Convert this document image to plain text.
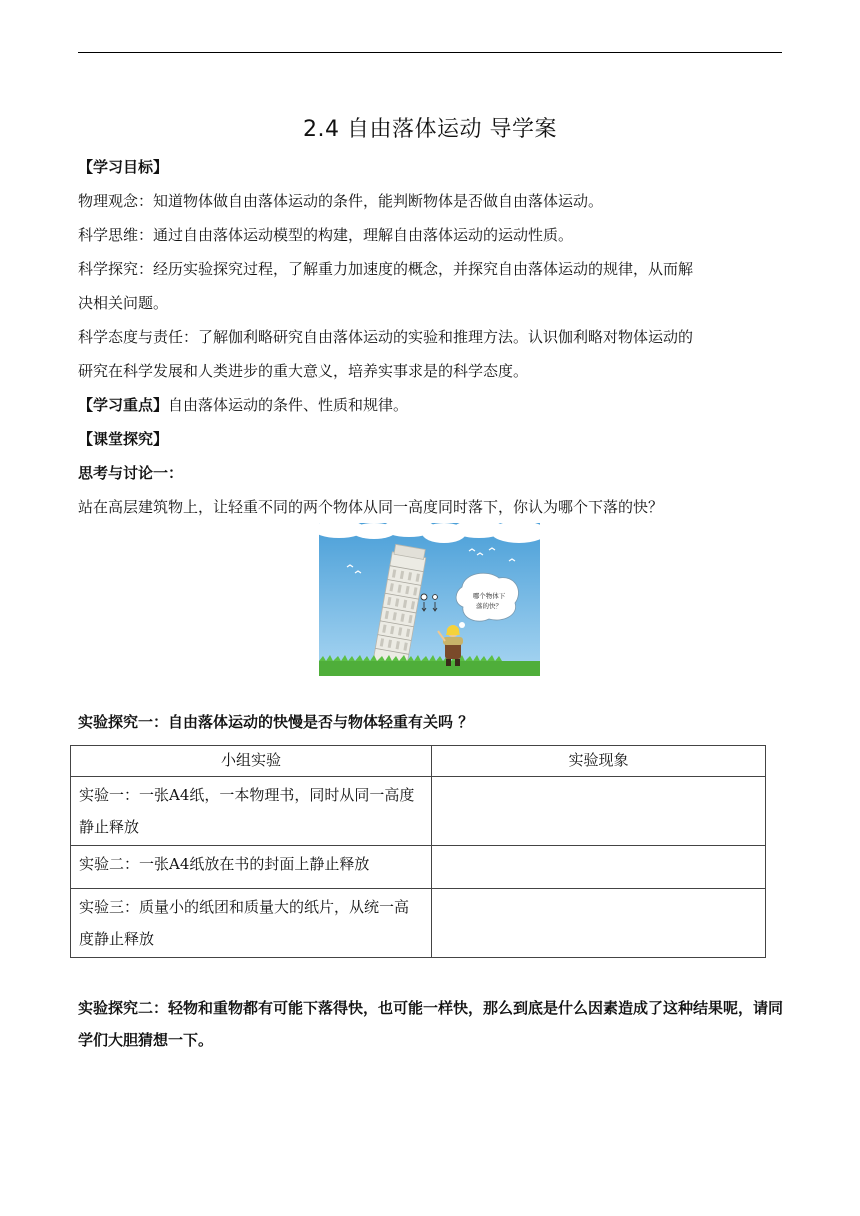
2.4 自由落体运动 导学案

【学习目标】

物理观念：知道物体做自由落体运动的条件，能判断物体是否做自由落体运动。

科学思维：通过自由落体运动模型的构建，理解自由落体运动的运动性质。

科学探究：经历实验探究过程，了解重力加速度的概念，并探究自由落体运动的规律，从而解

决相关问题。

科学态度与责任：了解伽利略研究自由落体运动的实验和推理方法。认识伽利略对物体运动的

研究在科学发展和人类进步的重大意义，培养实事求是的科学态度。

【学习重点】自由落体运动的条件、性质和规律。

【课堂探究】

思考与讨论一：

站在高层建筑物上，让轻重不同的两个物体从同一高度同时落下，你认为哪个下落的快？

哪个物体下
落的快？
实验探究一：自由落体运动的快慢是否与物体轻重有关吗 ？
小组实验	实验现象
实验一：一张A4纸，一本物理书，同时从同一高度静止释放	
实验二：一张A4纸放在书的封面上静止释放	
实验三：质量小的纸团和质量大的纸片，从统一高度静止释放	
实验探究二：轻物和重物都有可能下落得快，也可能一样快，那么到底是什么因素造成了这种结果呢，请同学们大胆猜想一下。
